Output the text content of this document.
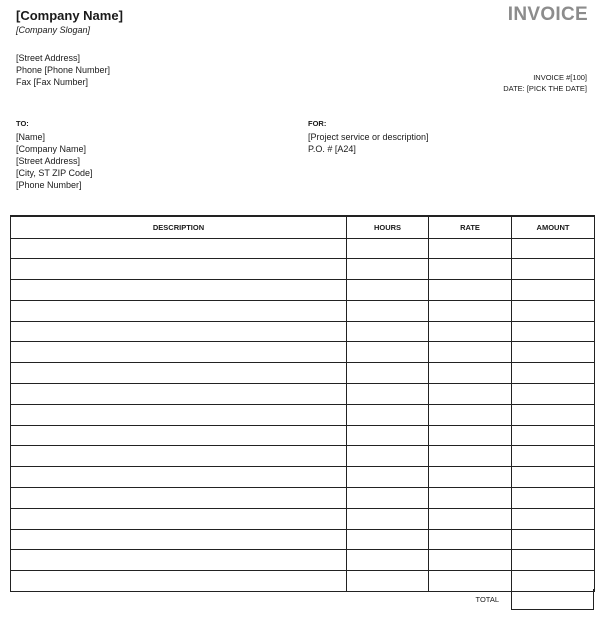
[Company Name]
[Company Slogan]
INVOICE
[Street Address]
Phone [Phone Number]
Fax [Fax Number]	INVOICE #[100]
DATE: [PICK THE DATE]
TO:
[Name]
[Company Name]
[Street Address]
[City, ST ZIP Code]
[Phone Number]
FOR:
[Project service or description]
P.O. # [A24]
DESCRIPTION	HOURS	RATE	AMOUNT

TOTAL
